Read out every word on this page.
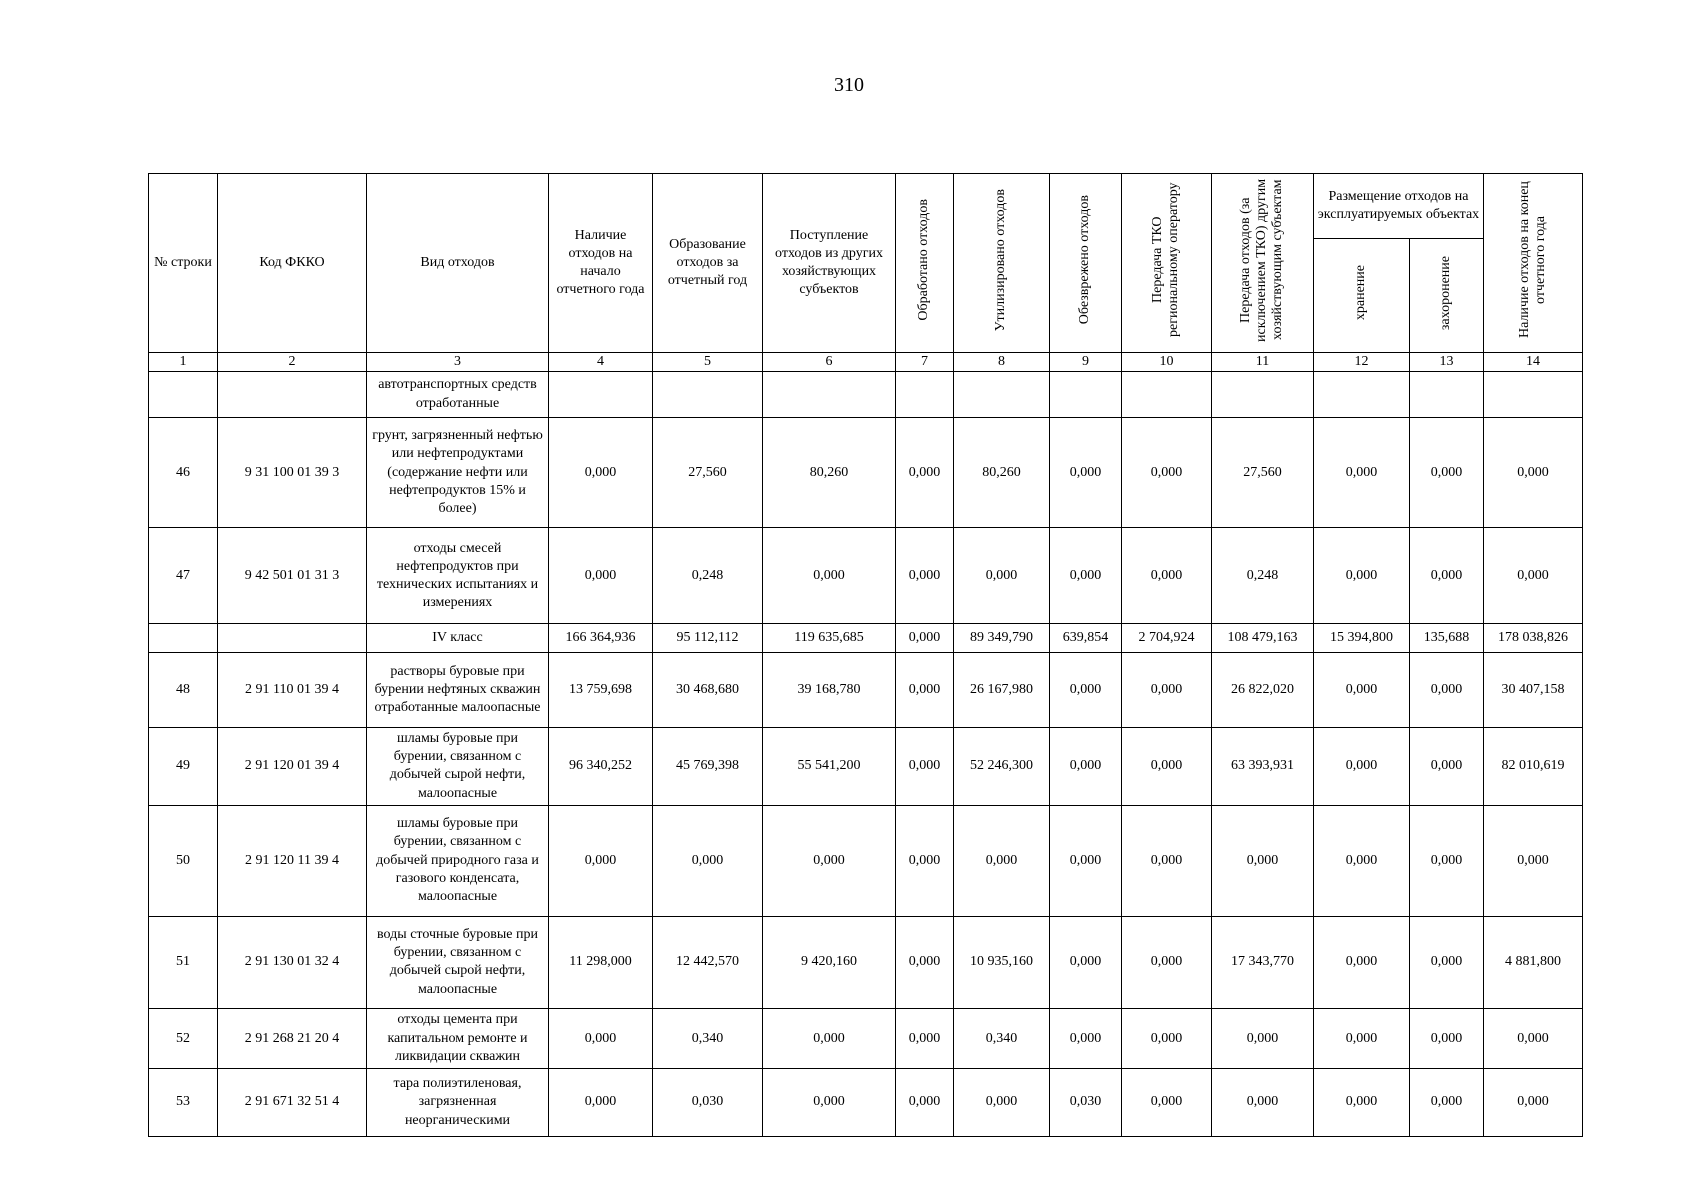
310
№ строки	Код ФККО	Вид отходов	Наличие отходов на начало отчетного года	Образование отходов за отчетный год	Поступление отходов из других хозяйствующих субъектов	Обработано отходов	Утилизировано отходов	Обезврежено отходов	Передача ТКО региональному оператору	Передача отходов (за исключением ТКО) другим хозяйствующим субъектам	Размещение отходов на эксплуатируемых объектах		Наличие отходов на конец отчетного года
											хранение	захоронение	
1	2	3	4	5	6	7	8	9	10	11	12	13	14
		автотранспортных средств отработанные											
46	9 31 100 01 39 3	грунт, загрязненный нефтью или нефтепродуктами (содержание нефти или нефтепродуктов 15% и более)	0,000	27,560	80,260	0,000	80,260	0,000	0,000	27,560	0,000	0,000	0,000
47	9 42 501 01 31 3	отходы смесей нефтепродуктов при технических испытаниях и измерениях	0,000	0,248	0,000	0,000	0,000	0,000	0,000	0,248	0,000	0,000	0,000
		IV класс	166 364,936	95 112,112	119 635,685	0,000	89 349,790	639,854	2 704,924	108 479,163	15 394,800	135,688	178 038,826
48	2 91 110 01 39 4	растворы буровые при бурении нефтяных скважин отработанные малоопасные	13 759,698	30 468,680	39 168,780	0,000	26 167,980	0,000	0,000	26 822,020	0,000	0,000	30 407,158
49	2 91 120 01 39 4	шламы буровые при бурении, связанном с добычей сырой нефти, малоопасные	96 340,252	45 769,398	55 541,200	0,000	52 246,300	0,000	0,000	63 393,931	0,000	0,000	82 010,619
50	2 91 120 11 39 4	шламы буровые при бурении, связанном с добычей природного газа и газового конденсата, малоопасные	0,000	0,000	0,000	0,000	0,000	0,000	0,000	0,000	0,000	0,000	0,000
51	2 91 130 01 32 4	воды сточные буровые при бурении, связанном с добычей сырой нефти, малоопасные	11 298,000	12 442,570	9 420,160	0,000	10 935,160	0,000	0,000	17 343,770	0,000	0,000	4 881,800
52	2 91 268 21 20 4	отходы цемента при капитальном ремонте и ликвидации скважин	0,000	0,340	0,000	0,000	0,340	0,000	0,000	0,000	0,000	0,000	0,000
53	2 91 671 32 51 4	тара полиэтиленовая, загрязненная неорганическими	0,000	0,030	0,000	0,000	0,000	0,030	0,000	0,000	0,000	0,000	0,000
